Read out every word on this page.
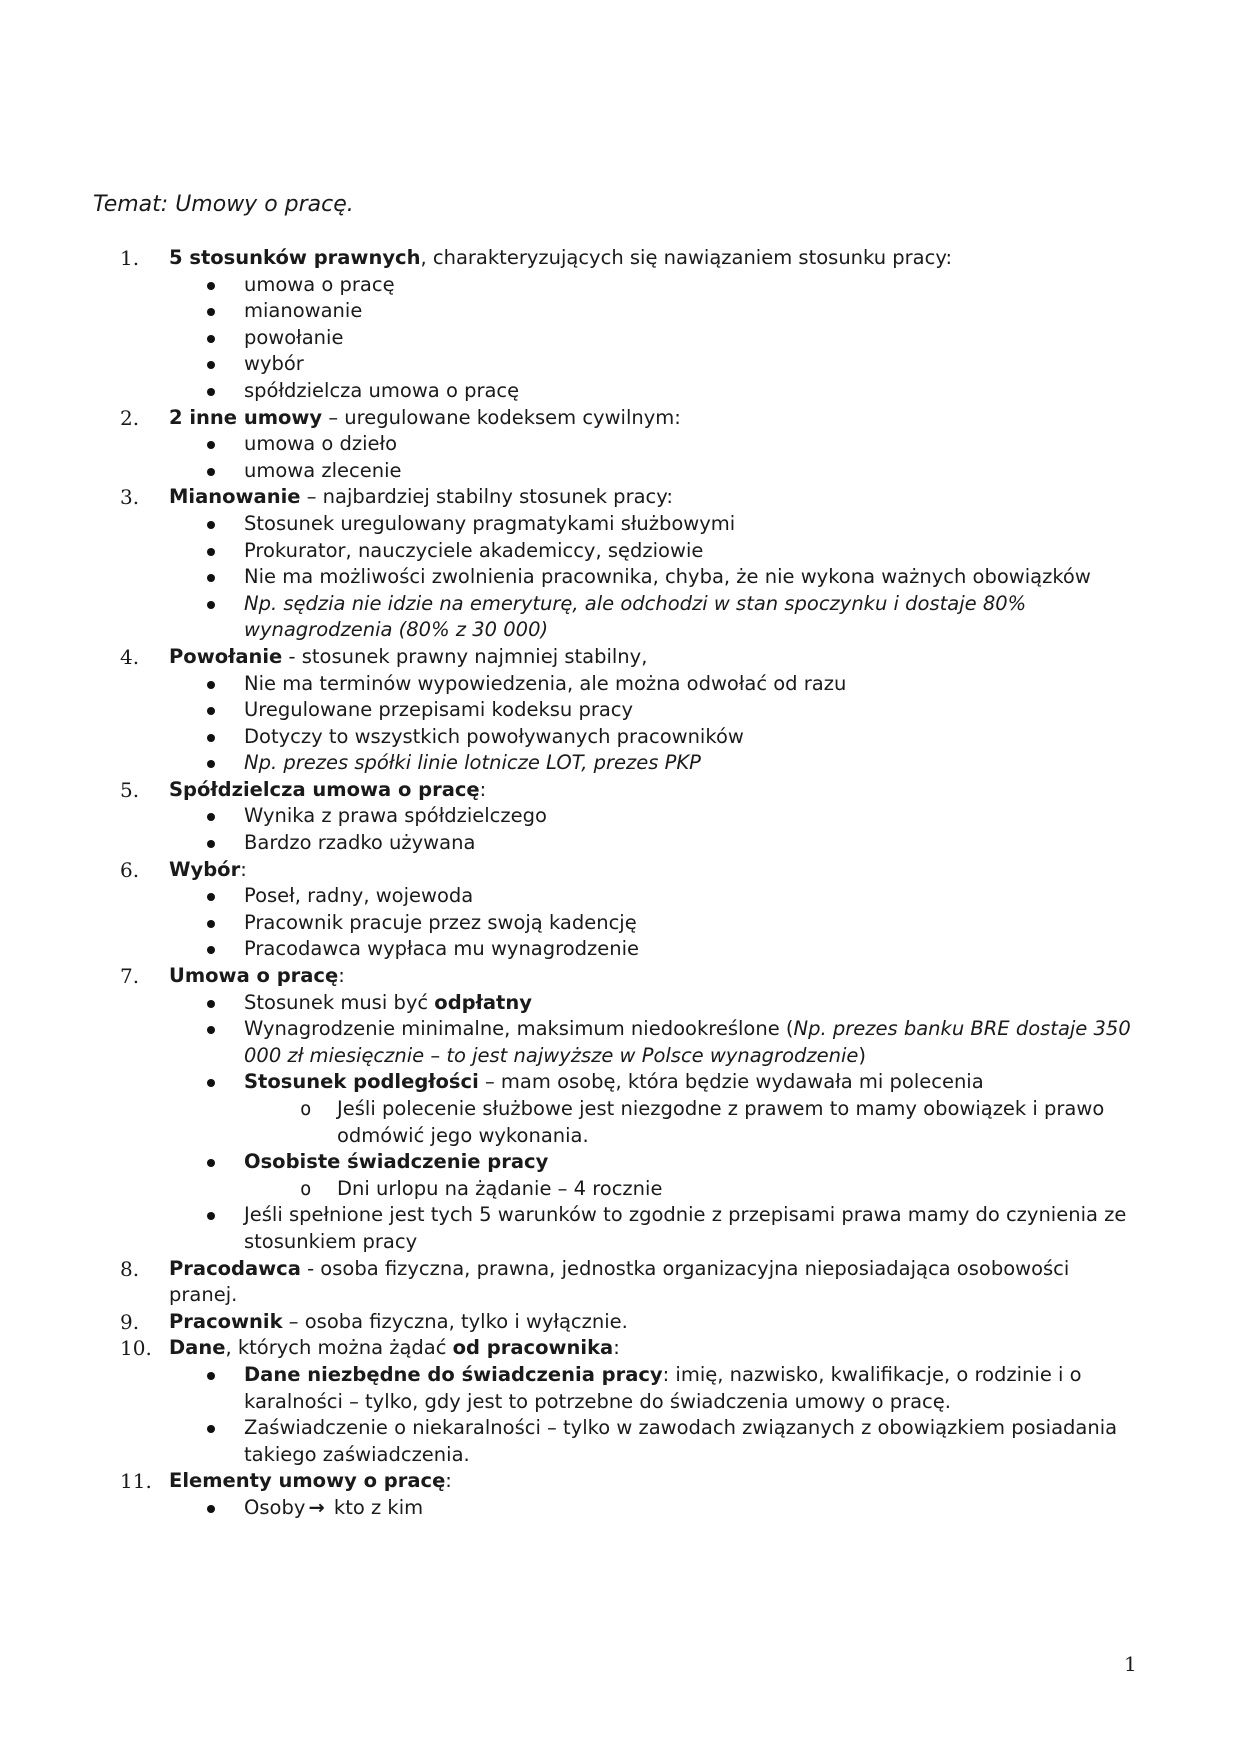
Temat: Umowy o pracę.
1.	5 stosunków prawnych, charakteryzujących się nawiązaniem stosunku pracy:
umowa o pracę
mianowanie
powołanie
wybór
spółdzielcza umowa o pracę
2.	2 inne umowy – uregulowane kodeksem cywilnym:
umowa o dzieło
umowa zlecenie
3.	Mianowanie – najbardziej stabilny stosunek pracy:
Stosunek uregulowany pragmatykami służbowymi
Prokurator, nauczyciele akademiccy, sędziowie
Nie ma możliwości zwolnienia pracownika, chyba, że nie wykona ważnych obowiązków
Np. sędzia nie idzie na emeryturę, ale odchodzi w stan spoczynku i dostaje 80% wynagrodzenia (80% z 30 000)
4.	Powołanie - stosunek prawny najmniej stabilny,
Nie ma terminów wypowiedzenia, ale można odwołać od razu
Uregulowane przepisami kodeksu pracy
Dotyczy to wszystkich powoływanych pracowników
Np. prezes spółki linie lotnicze LOT, prezes PKP
5.	Spółdzielcza umowa o pracę:
Wynika z prawa spółdzielczego
Bardzo rzadko używana
6.	Wybór:
Poseł, radny, wojewoda
Pracownik pracuje przez swoją kadencję
Pracodawca wypłaca mu wynagrodzenie
7.	Umowa o pracę:
Stosunek musi być odpłatny
Wynagrodzenie minimalne, maksimum niedookreślone (Np. prezes banku BRE dostaje 350 000 zł miesięcznie – to jest najwyższe w Polsce wynagrodzenie)
Stosunek podległości – mam osobę, która będzie wydawała mi polecenia
o Jeśli polecenie służbowe jest niezgodne z prawem to mamy obowiązek i prawo odmówić jego wykonania.
Osobiste świadczenie pracy
o Dni urlopu na żądanie – 4 rocznie
Jeśli spełnione jest tych 5 warunków to zgodnie z przepisami prawa mamy do czynienia ze stosunkiem pracy
8.	Pracodawca - osoba fizyczna, prawna, jednostka organizacyjna nieposiadająca osobowości pranej.
9.	Pracownik – osoba fizyczna, tylko i wyłącznie.
10. Dane, których można żądać od pracownika:
Dane niezbędne do świadczenia pracy: imię, nazwisko, kwalifikacje, o rodzinie i o karalności – tylko, gdy jest to potrzebne do świadczenia umowy o pracę.
Zaświadczenie o niekaralności – tylko w zawodach związanych z obowiązkiem posiadania takiego zaświadczenia.
11. Elementy umowy o pracę:
Osoby → kto z kim
1
